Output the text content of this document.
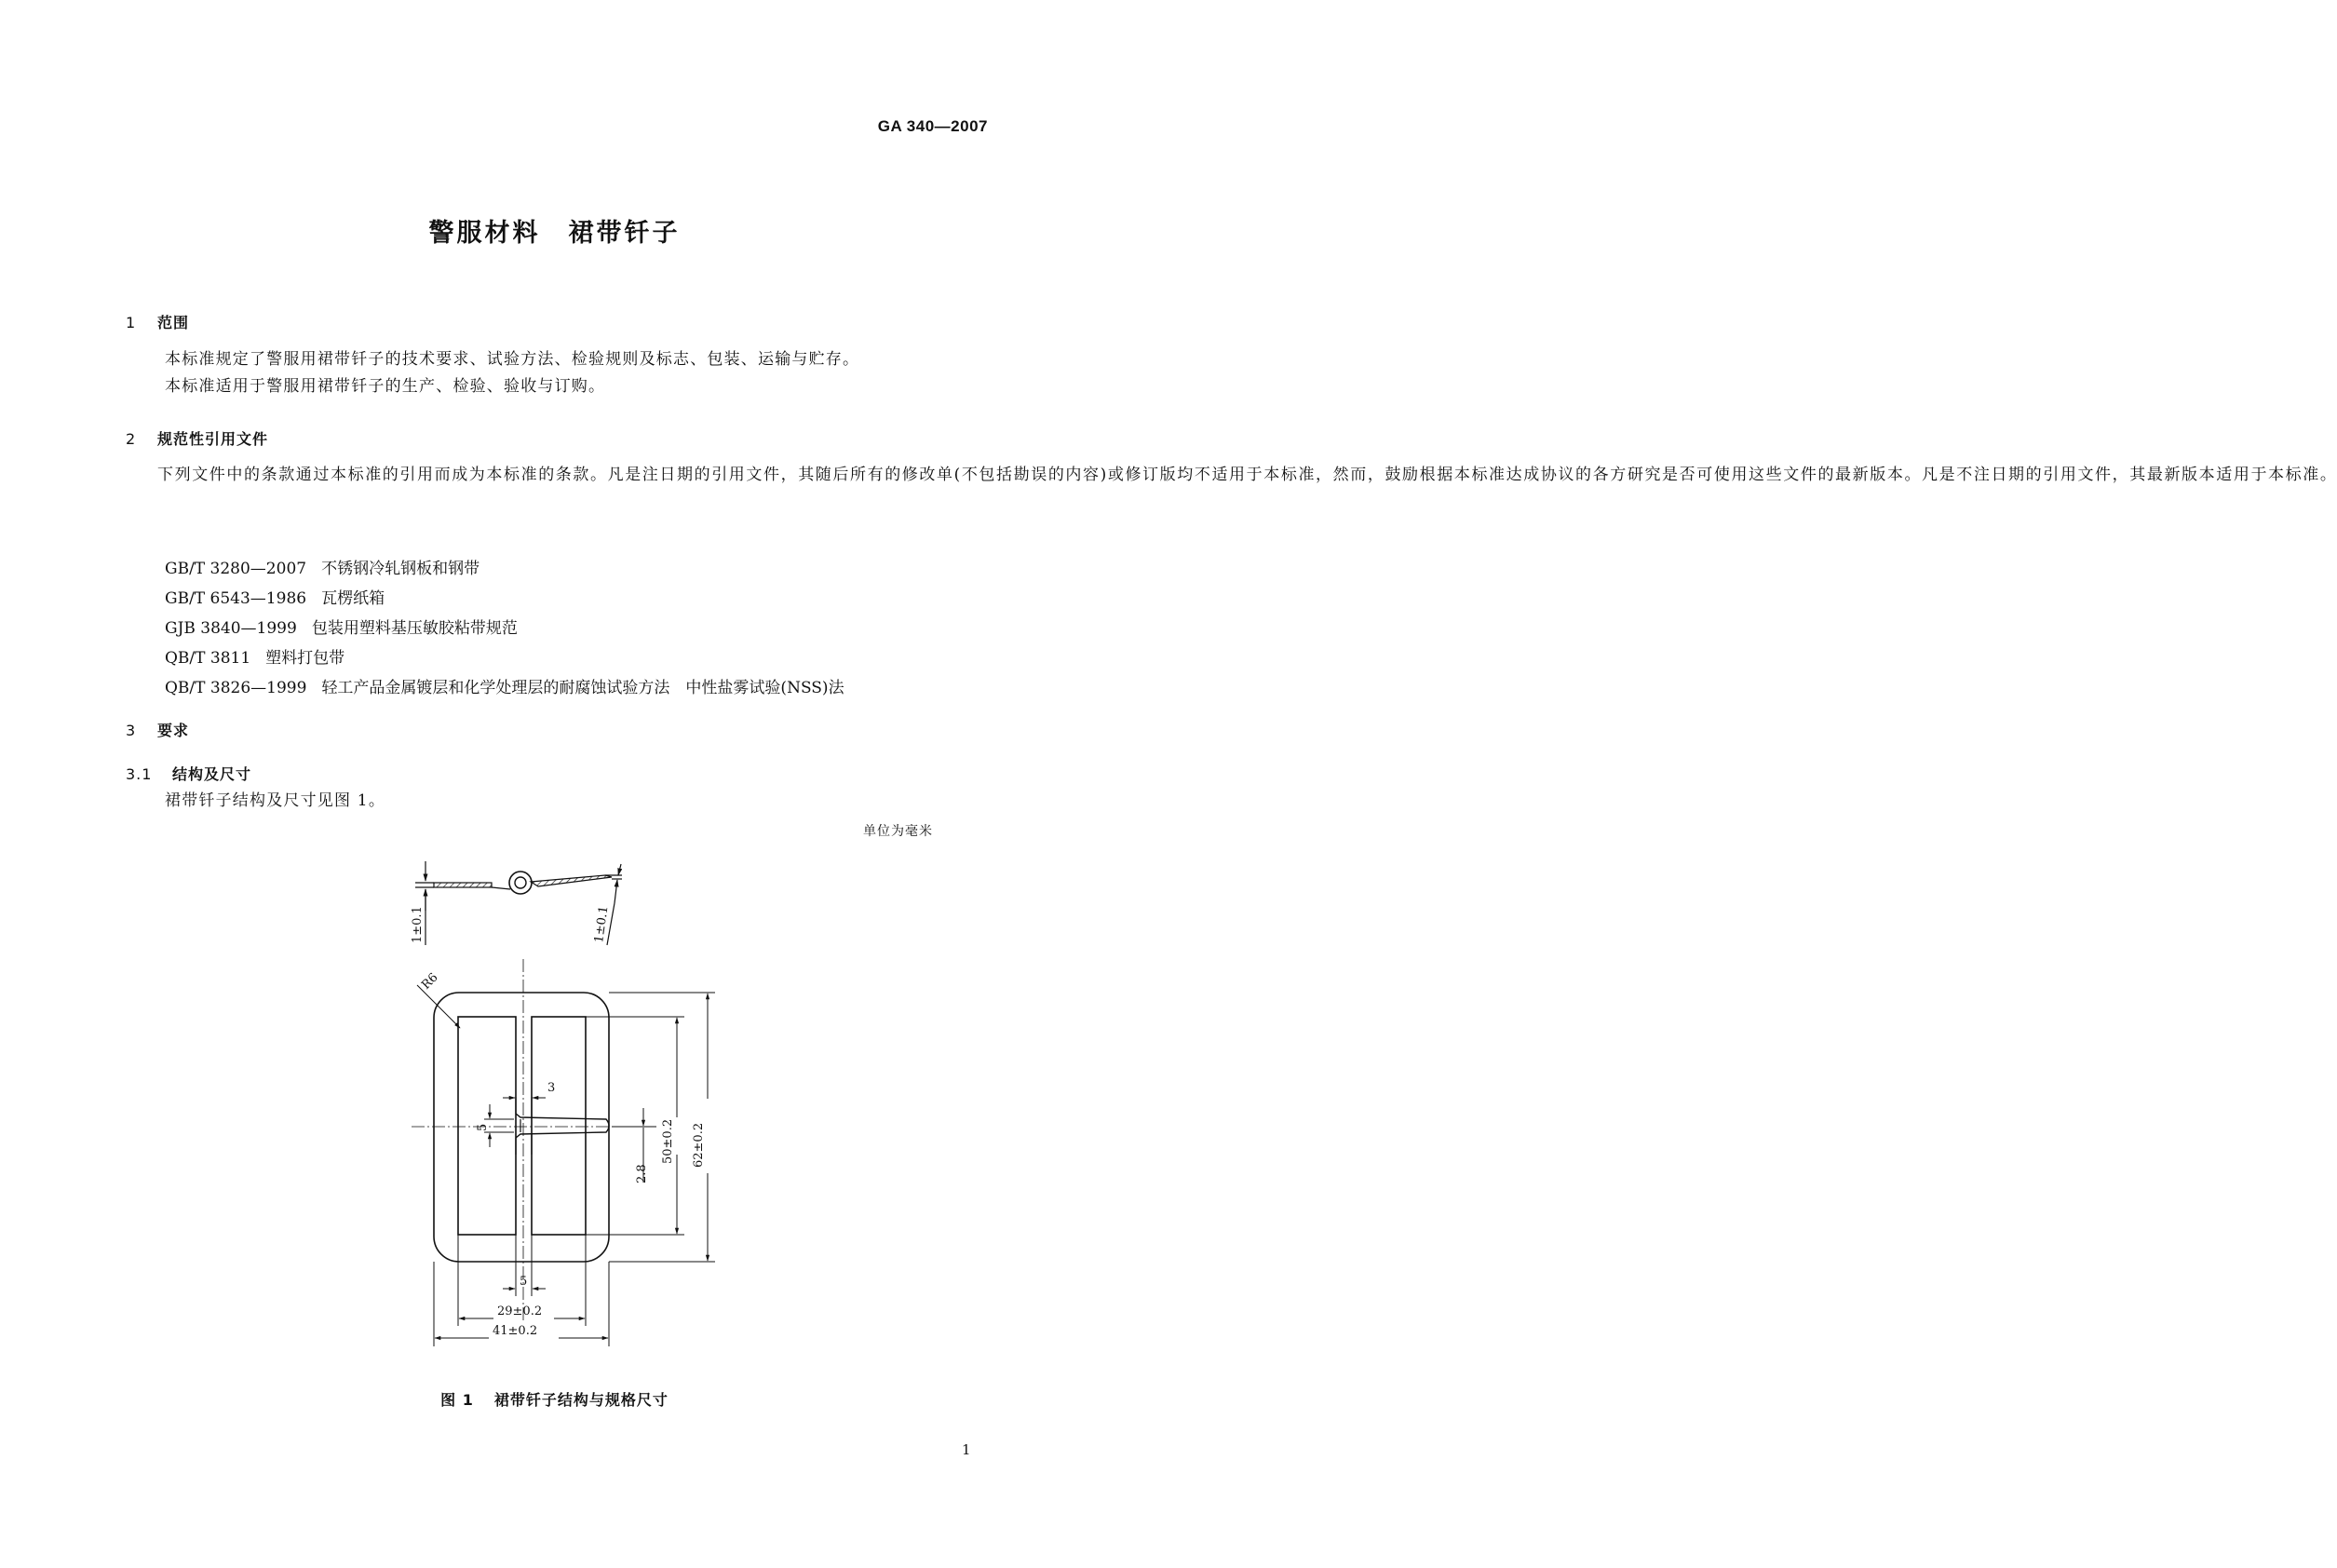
GA 340—2007
警服材料　裙带钎子
1 范围
本标准规定了警服用裙带钎子的技术要求、试验方法、检验规则及标志、包装、运输与贮存。
本标准适用于警服用裙带钎子的生产、检验、验收与订购。
2 规范性引用文件
下列文件中的条款通过本标准的引用而成为本标准的条款。凡是注日期的引用文件，其随后所有的修改单(不包括勘误的内容)或修订版均不适用于本标准，然而，鼓励根据本标准达成协议的各方研究是否可使用这些文件的最新版本。凡是不注日期的引用文件，其最新版本适用于本标准。
GB/T 3280—2007 不锈钢冷轧钢板和钢带
GB/T 6543—1986 瓦楞纸箱
GJB 3840—1999 包装用塑料基压敏胶粘带规范
QB/T 3811 塑料打包带
QB/T 3826—1999 轻工产品金属镀层和化学处理层的耐腐蚀试验方法　中性盐雾试验(NSS)法
3 要求
3.1 结构及尺寸
裙带钎子结构及尺寸见图 1。
单位为毫米
1±0.1	1±0.1
R6
3
5
2.8
50±0.2 62±0.2
5
29±0.2
41±0.2
图 1 裙带钎子结构与规格尺寸
1
